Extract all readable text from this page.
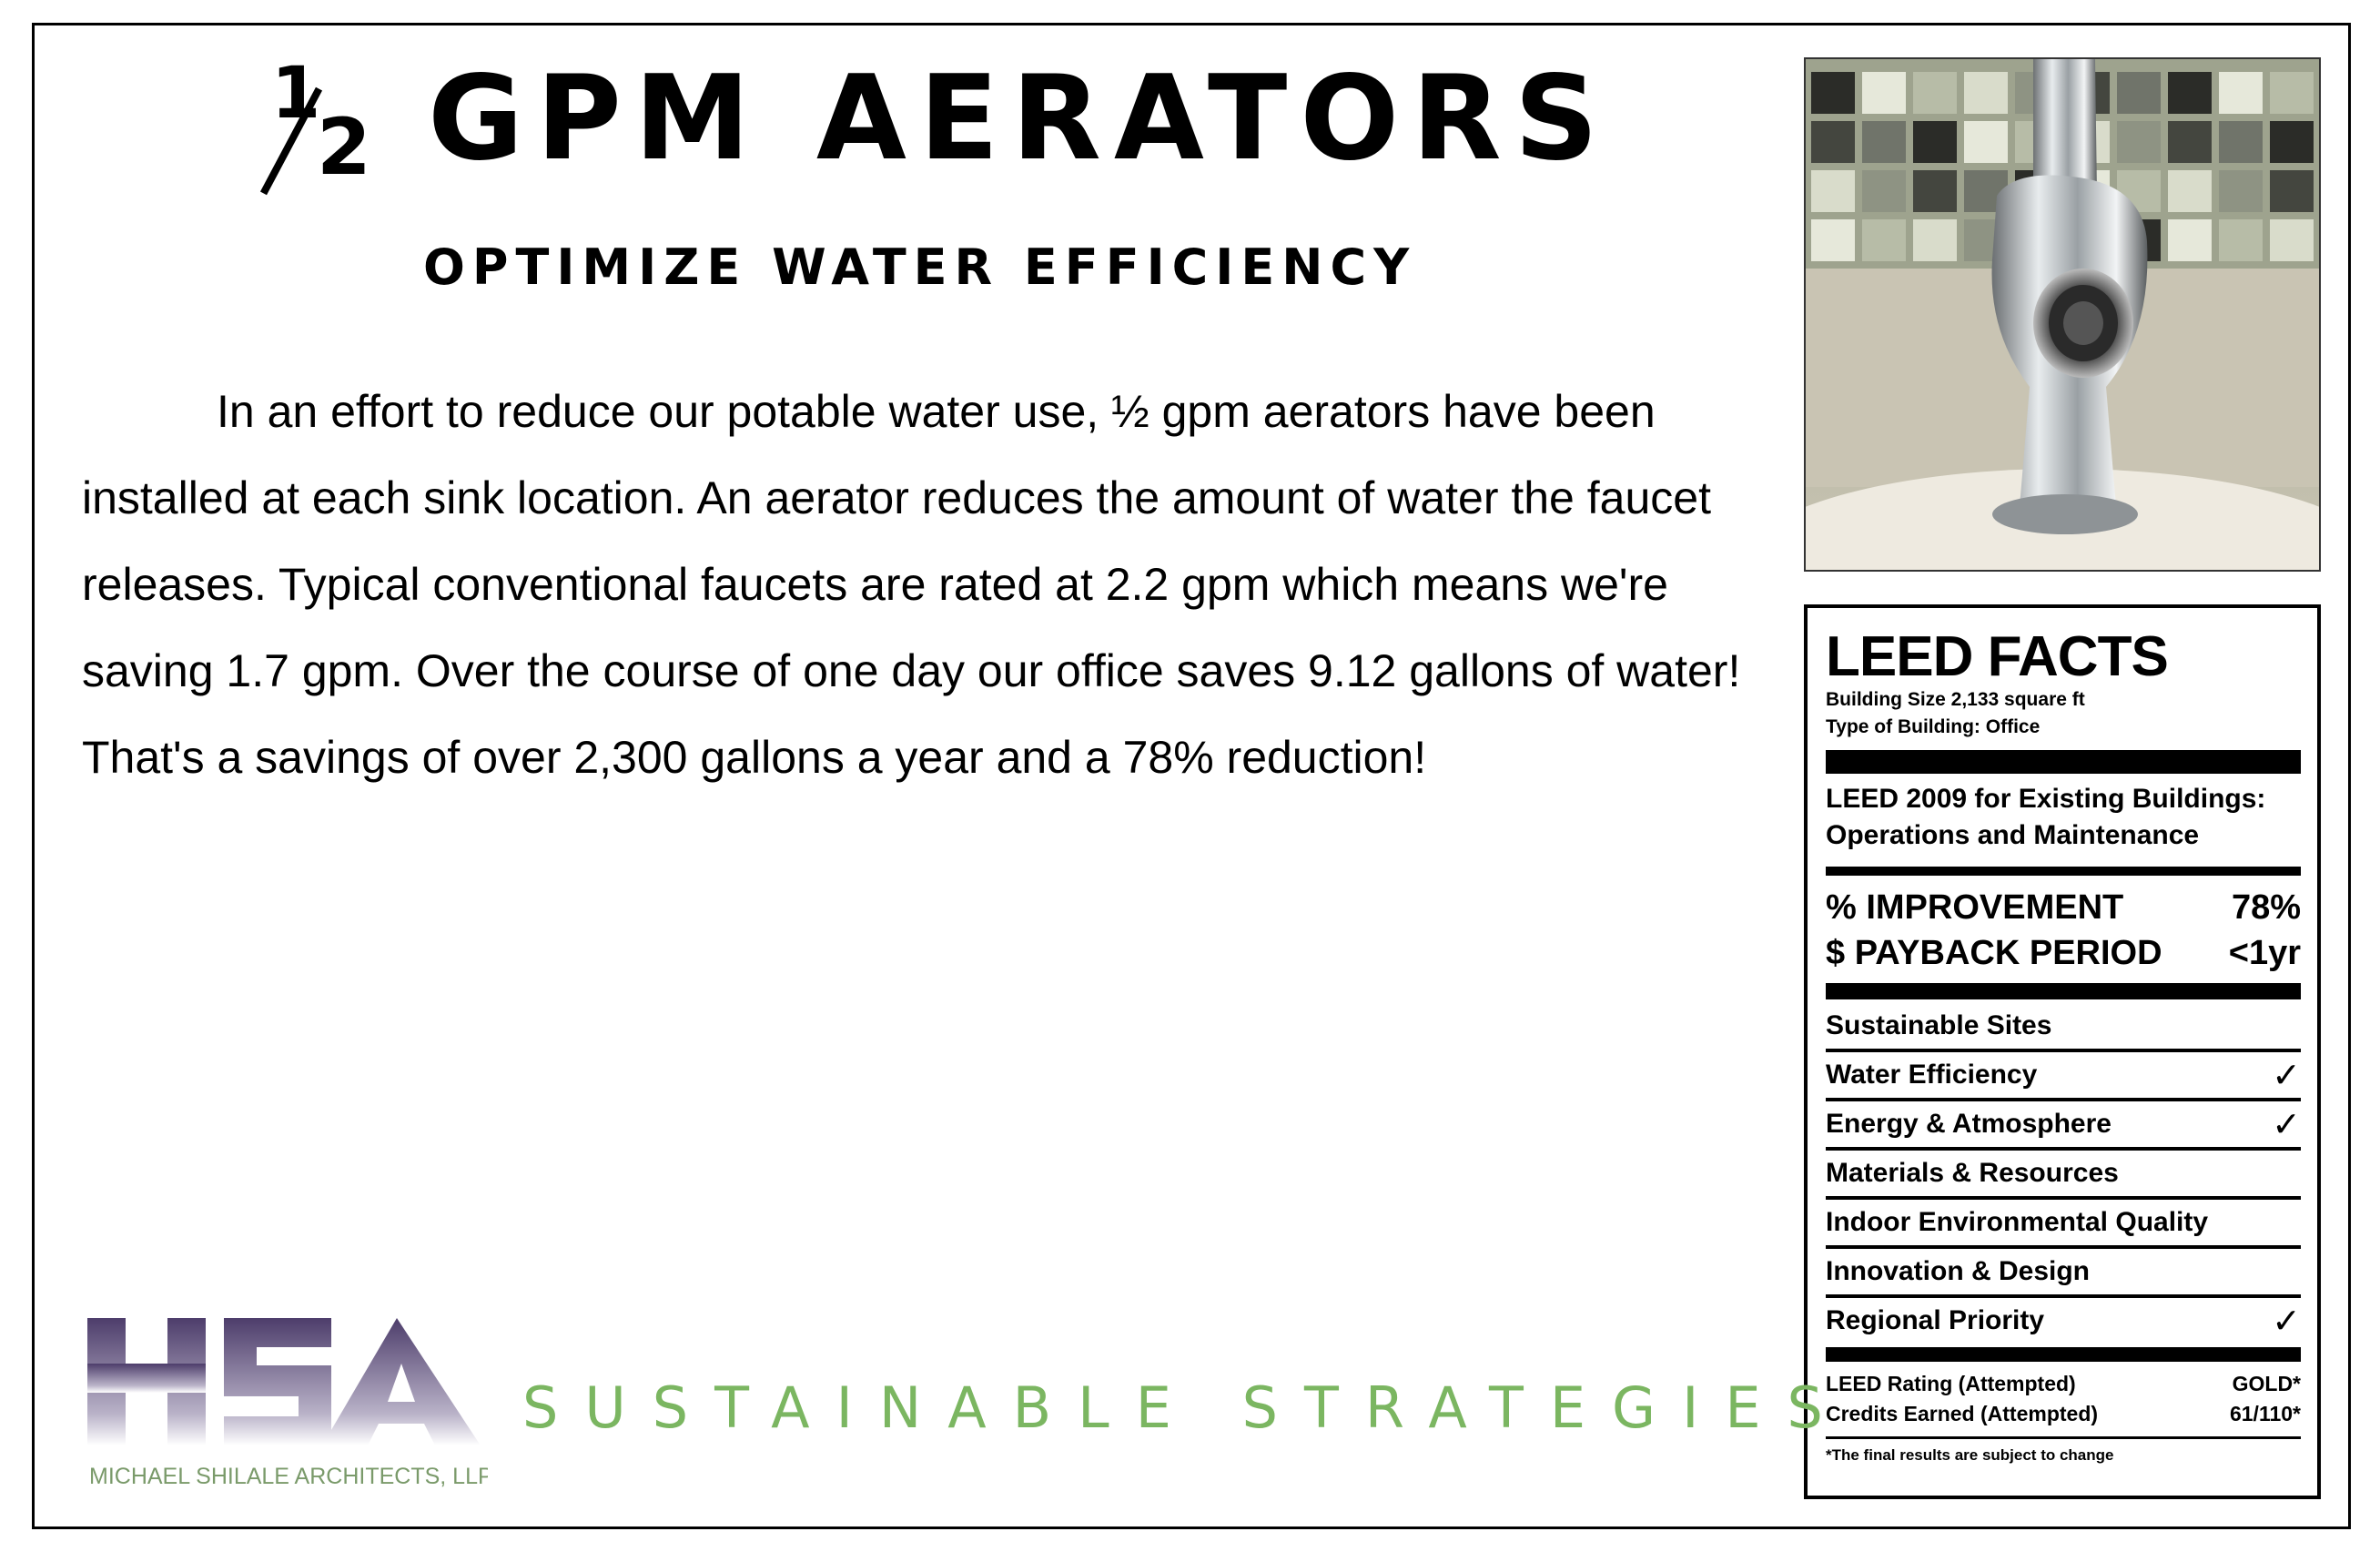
1
2 GPM AERATORS
OPTIMIZE WATER EFFICIENCY

In an effort to reduce our potable water use, ½ gpm aerators have been installed at each sink location. An aerator reduces the amount of water the faucet releases. Typical conventional faucets are rated at 2.2 gpm which means we're saving 1.7 gpm. Over the course of one day our office saves 9.12 gallons of water! That's a savings of over 2,300 gallons a year and a 78% reduction!

LEED FACTS
Building Size 2,133 square ft
Type of Building: Office
LEED 2009 for Existing Buildings:
Operations and Maintenance
% IMPROVEMENT	78%
$ PAYBACK PERIOD <1yr
Sustainable Sites
Water Efficiency	✓
Energy & Atmosphere	✓
Materials & Resources
Indoor Environmental Quality
Innovation & Design
Regional Priority	✓
LEED Rating (Attempted)	GOLD*
Credits Earned (Attempted)	61/110*
*The final results are subject to change
MICHAEL SHILALE ARCHITECTS, LLP
SUSTAINABLE STRATEGIES
